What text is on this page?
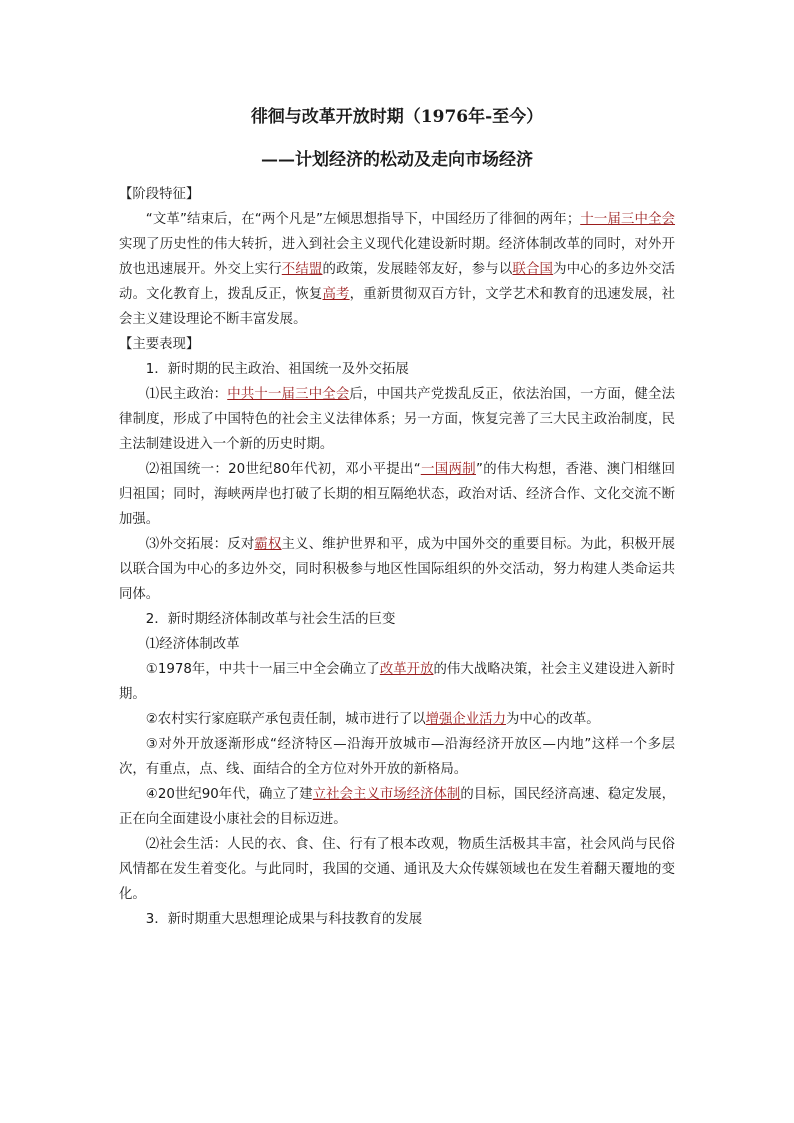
徘徊与改革开放时期（1976年-至今）
——计划经济的松动及走向市场经济

【阶段特征】

“文革”结束后，在“两个凡是”左倾思想指导下，中国经历了徘徊的两年；十一届三中全会实现了历史性的伟大转折，进入到社会主义现代化建设新时期。经济体制改革的同时，对外开放也迅速展开。外交上实行不结盟的政策，发展睦邻友好，参与以联合国为中心的多边外交活动。文化教育上，拨乱反正，恢复高考，重新贯彻双百方针，文学艺术和教育的迅速发展，社会主义建设理论不断丰富发展。

【主要表现】

1．新时期的民主政治、祖国统一及外交拓展

⑴民主政治：中共十一届三中全会后，中国共产党拨乱反正，依法治国，一方面，健全法律制度，形成了中国特色的社会主义法律体系；另一方面，恢复完善了三大民主政治制度，民主法制建设进入一个新的历史时期。

⑵祖国统一：20世纪80年代初，邓小平提出“一国两制”的伟大构想，香港、澳门相继回归祖国；同时，海峡两岸也打破了长期的相互隔绝状态，政治对话、经济合作、文化交流不断加强。

⑶外交拓展：反对霸权主义、维护世界和平，成为中国外交的重要目标。为此，积极开展以联合国为中心的多边外交，同时积极参与地区性国际组织的外交活动，努力构建人类命运共同体。

2．新时期经济体制改革与社会生活的巨变

⑴经济体制改革

①1978年，中共十一届三中全会确立了改革开放的伟大战略决策，社会主义建设进入新时期。

②农村实行家庭联产承包责任制，城市进行了以增强企业活力为中心的改革。

③对外开放逐渐形成“经济特区—沿海开放城市—沿海经济开放区—内地”这样一个多层次，有重点，点、线、面结合的全方位对外开放的新格局。

④20世纪90年代，确立了建立社会主义市场经济体制的目标，国民经济高速、稳定发展，正在向全面建设小康社会的目标迈进。

⑵社会生活：人民的衣、食、住、行有了根本改观，物质生活极其丰富，社会风尚与民俗风情都在发生着变化。与此同时，我国的交通、通讯及大众传媒领域也在发生着翻天覆地的变化。

3．新时期重大思想理论成果与科技教育的发展
